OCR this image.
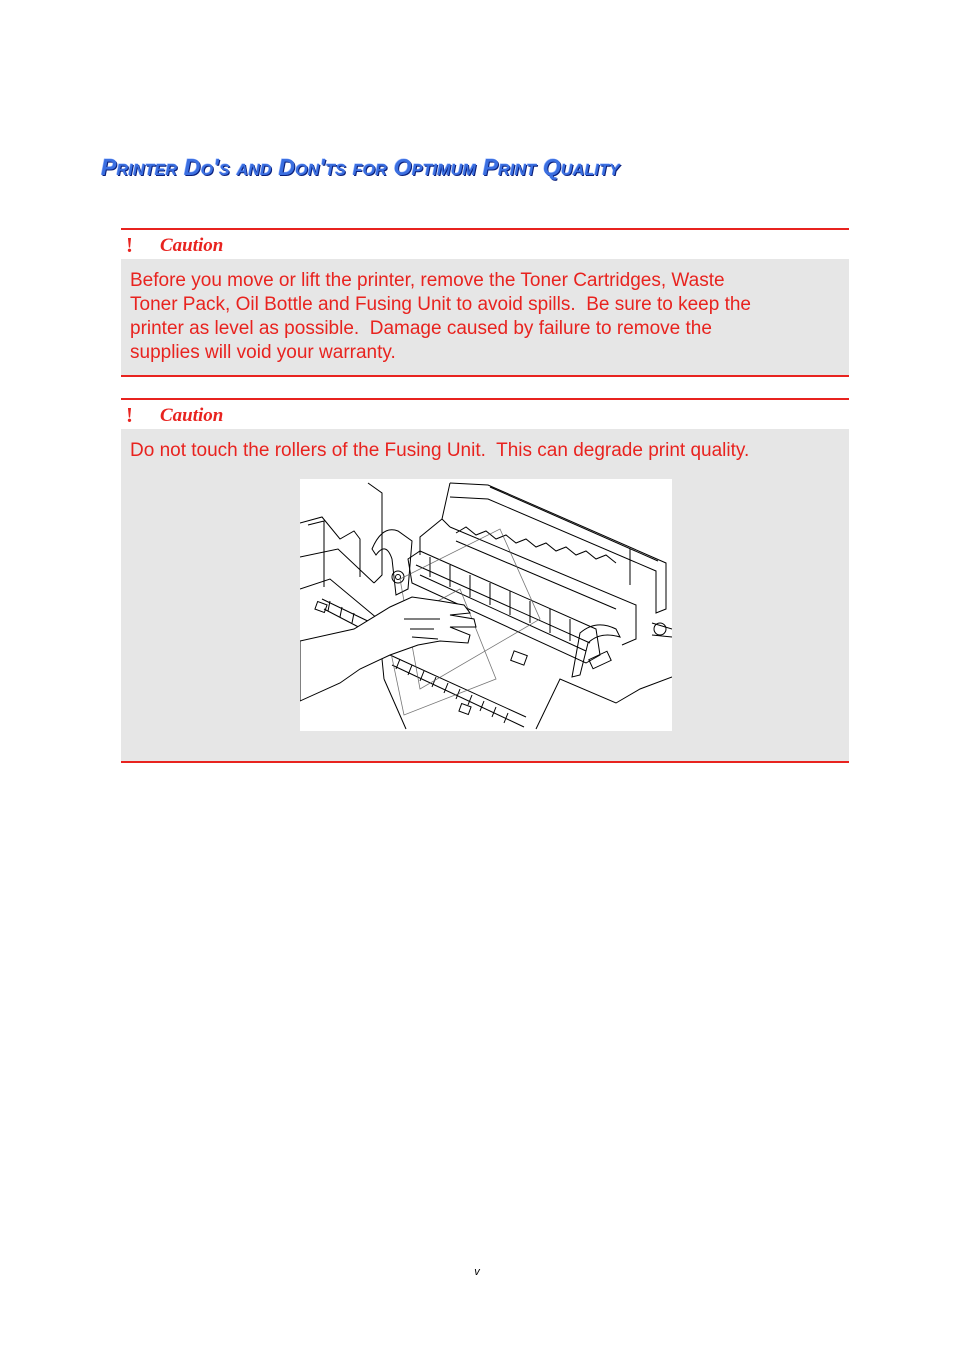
Printer Do's and Don'ts for Optimum Print Quality
! Caution
Before you move or lift the printer, remove the Toner Cartridges, Waste
Toner Pack, Oil Bottle and Fusing Unit to avoid spills.  Be sure to keep the
printer as level as possible.  Damage caused by failure to remove the
supplies will void your warranty.
! Caution
Do not touch the rollers of the Fusing Unit.  This can degrade print quality.
v
